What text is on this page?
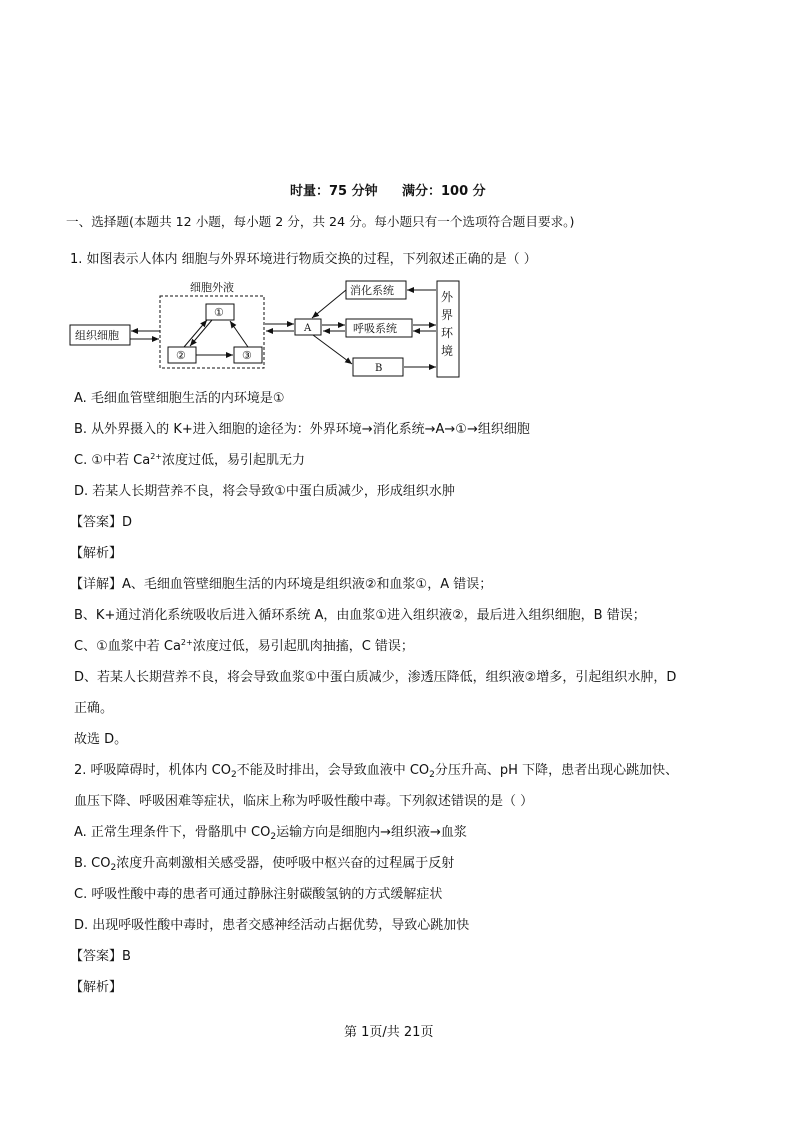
时量：75 分钟 满分：100 分
一、选择题(本题共 12 小题，每小题 2 分，共 24 分。每小题只有一个选项符合题目要求。)
1. 如图表示人体内 细胞与外界环境进行物质交换的过程，下列叙述正确的是（ ）
细胞外液
组织细胞
①
②	③
A
消化系统
呼吸系统
B
外
界
环
境
A. 毛细血管壁细胞生活的内环境是①
B. 从外界摄入的 K+进入细胞的途径为：外界环境→消化系统→A→①→组织细胞
C. ①中若 $Ca^{2+}$浓度过低，易引起肌无力
D. 若某人长期营养不良，将会导致①中蛋白质减少，形成组织水肿
【答案】D
【解析】
【详解】A、毛细血管壁细胞生活的内环境是组织液②和血浆①，A 错误；
B、K+通过消化系统吸收后进入循环系统 A，由血浆①进入组织液②，最后进入组织细胞，B 错误；
C、①血浆中若 $Ca^{2+}$浓度过低，易引起肌肉抽搐，C 错误；
D、若某人长期营养不良，将会导致血浆①中蛋白质减少，渗透压降低，组织液②增多，引起组织水肿，D
正确。
故选 D。
2. 呼吸障碍时，机体内 $CO_2$不能及时排出，会导致血液中 $CO_2$分压升高、pH 下降，患者出现心跳加快、
血压下降、呼吸困难等症状，临床上称为呼吸性酸中毒。下列叙述错误的是（ ）
A. 正常生理条件下，骨骼肌中 $CO_2$运输方向是细胞内→组织液→血浆
B. $CO_2$浓度升高刺激相关感受器，使呼吸中枢兴奋的过程属于反射
C. 呼吸性酸中毒的患者可通过静脉注射碳酸氢钠的方式缓解症状
D. 出现呼吸性酸中毒时，患者交感神经活动占据优势，导致心跳加快
【答案】B
【解析】
第 1页/共 21页
